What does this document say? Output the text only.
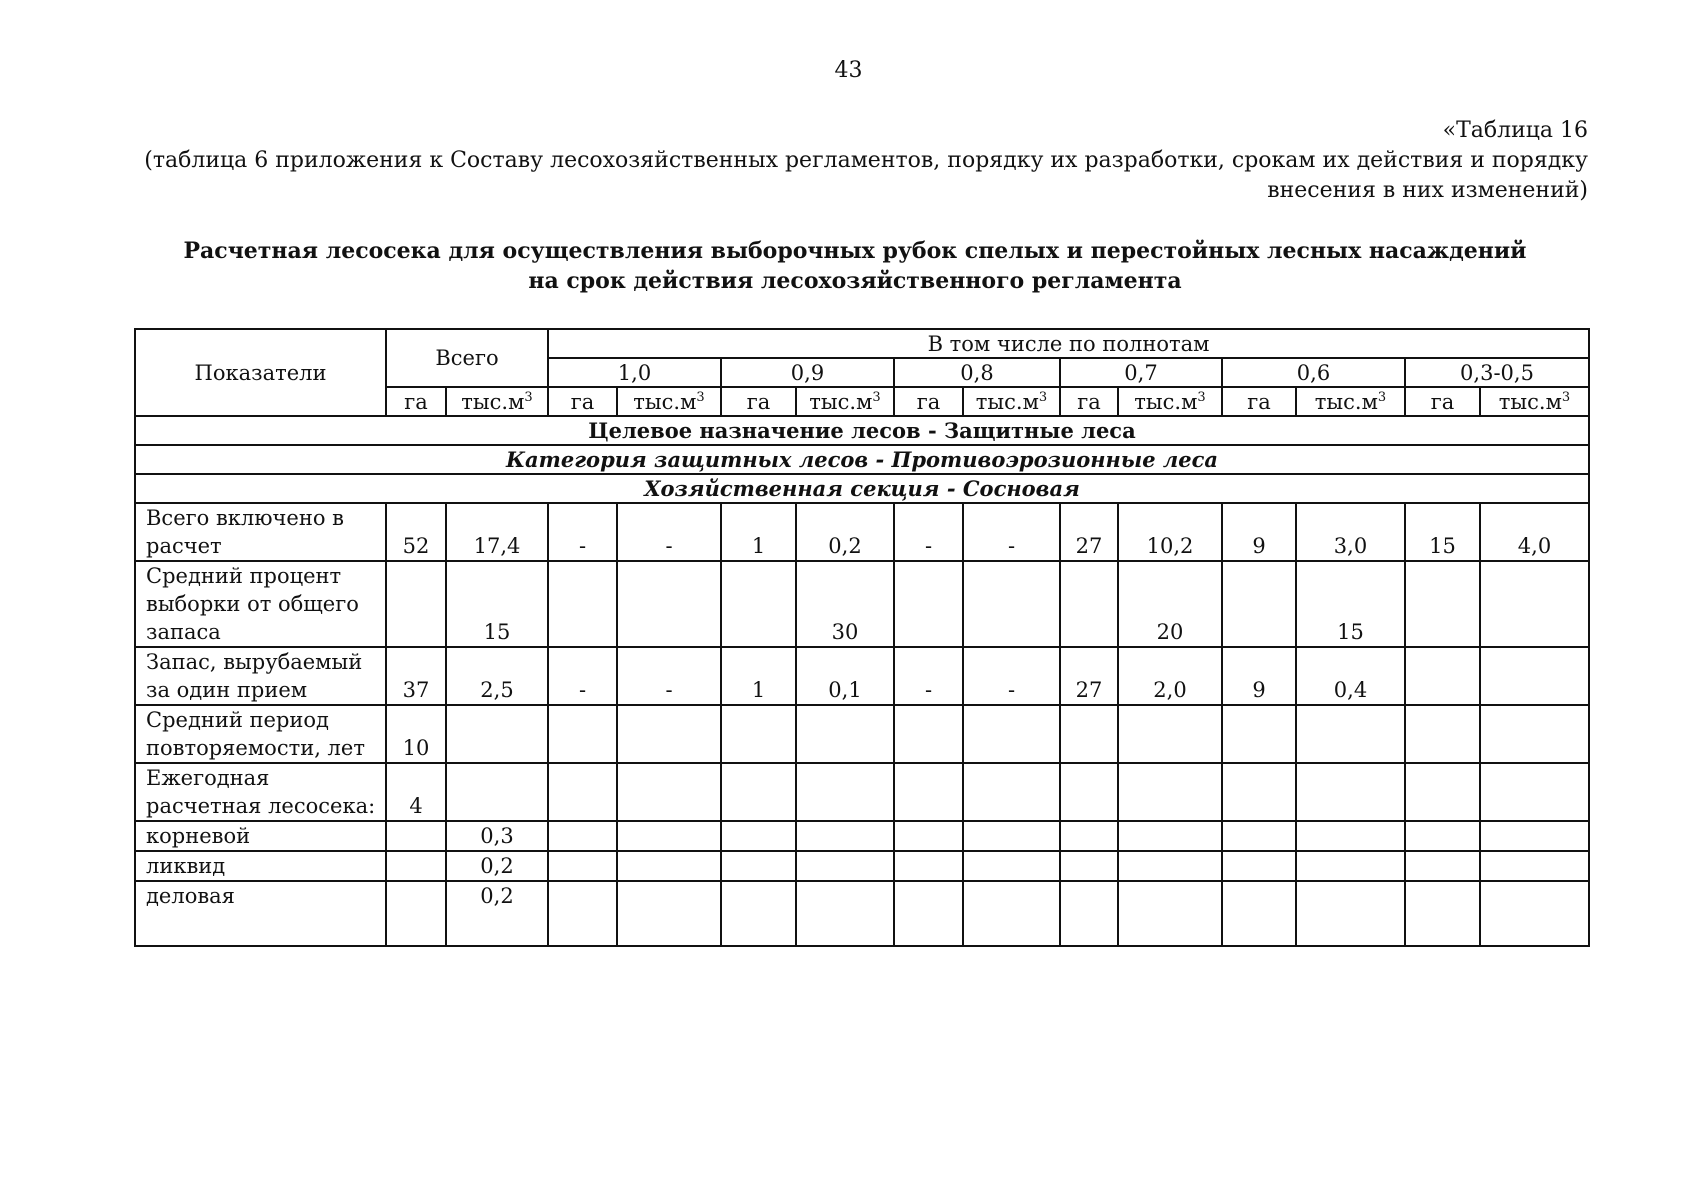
43
«Таблица 16
(таблица 6 приложения к Составу лесохозяйственных регламентов, порядку их разработки, срокам их действия и порядку внесения в них изменений)
Расчетная лесосека для осуществления выборочных рубок спелых и перестойных лесных насаждений на срок действия лесохозяйственного регламента
Показатели	Всего		В том числе по полнотам											
			1,0		0,9		0,8		0,7		0,6		0,3-0,5	
	га	$тыс.м^3$	га	$тыс.м^3$	га	$тыс.м^3$	га	$тыс.м^3$	га	$тыс.м^3$	га	$тыс.м^3$	га	$тыс.м^3$
Целевое назначение лесов - Защитные леса														
Категория защитных лесов - Противоэрозионные леса														
Хозяйственная секция - Сосновая														
Всего включено в расчет	52	17,4	-	-	1	0,2	-	-	27	10,2	9	3,0	15	4,0
Средний процент выборки от общего запаса		15				30				20		15		
Запас, вырубаемый за один прием	37	2,5	-	-	1	0,1	-	-	27	2,0	9	0,4		
Средний период повторяемости, лет	10													
Ежегодная расчетная лесосека:	4													
корневой		0,3												
ликвид		0,2												
деловая		0,2												
